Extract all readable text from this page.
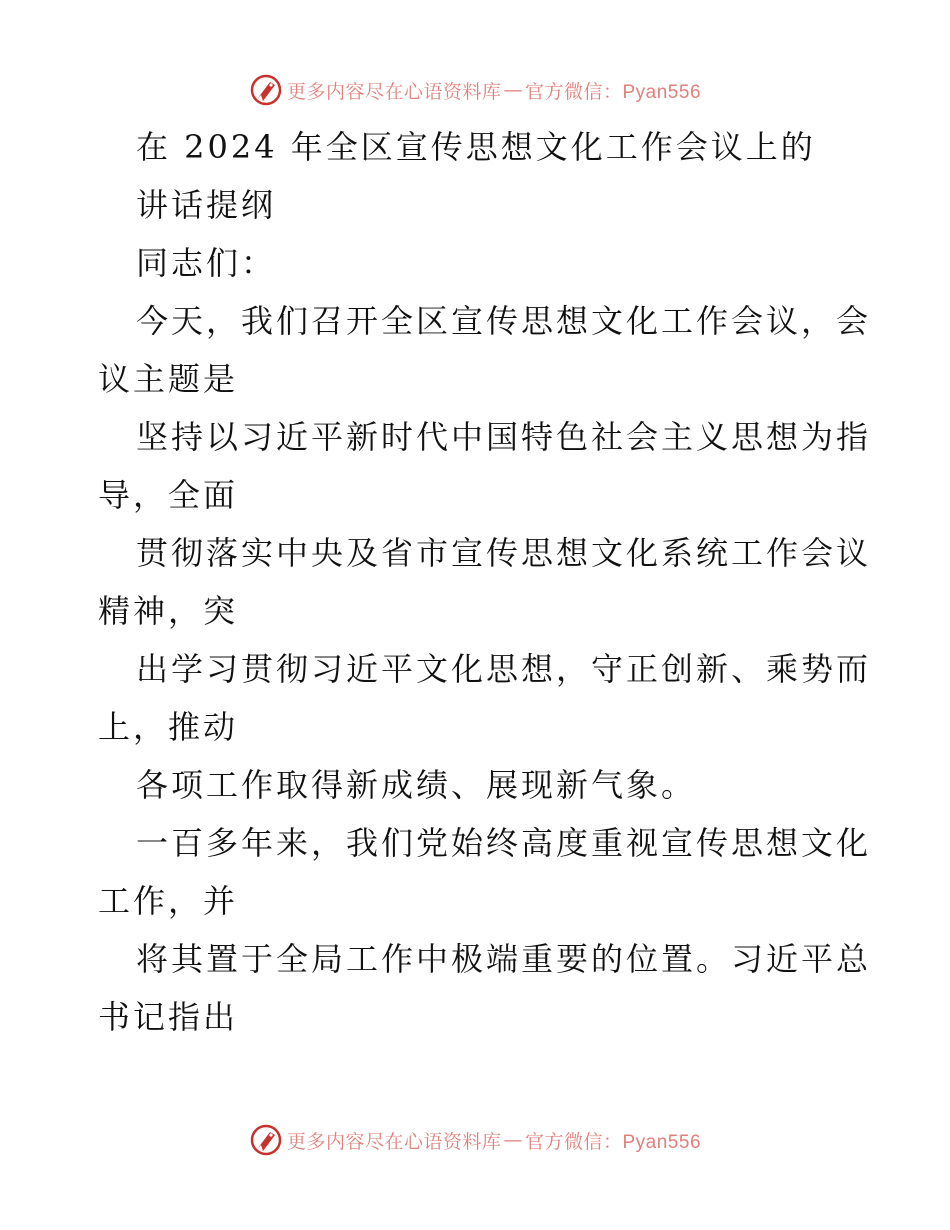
更多内容尽在心语资料库 — 官方微信：Pyan556
在 2024 年全区宣传思想文化工作会议上的
讲话提纲
同志们：
今天，我们召开全区宣传思想文化工作会议，会
议主题是
坚持以习近平新时代中国特色社会主义思想为指
导，全面
贯彻落实中央及省市宣传思想文化系统工作会议
精神，突
出学习贯彻习近平文化思想，守正创新、乘势而
上，推动
各项工作取得新成绩、展现新气象。
一百多年来，我们党始终高度重视宣传思想文化
工作，并
将其置于全局工作中极端重要的位置。习近平总
书记指出
更多内容尽在心语资料库 — 官方微信：Pyan556
